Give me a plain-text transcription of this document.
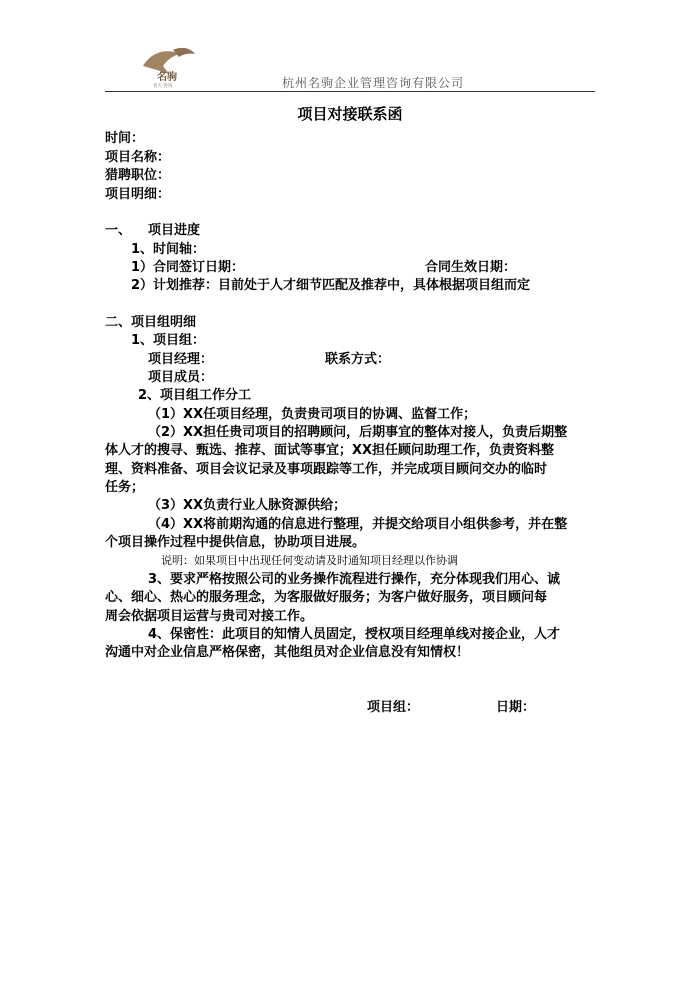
名驹
育人·咨询	杭州名驹企业管理咨询有限公司
项目对接联系函
时间：
项目名称：
猎聘职位：
项目明细：
一、 项目进度
1、时间轴：
1）合同签订日期：	合同生效日期：
2）计划推荐：目前处于人才细节匹配及推荐中，具体根据项目组而定
二、项目组明细
1、项目组：
项目经理：	联系方式：
项目成员：
2、项目组工作分工
（1）XX任项目经理，负责贵司项目的协调、监督工作；
（2）XX担任贵司项目的招聘顾问，后期事宜的整体对接人，负责后期整
体人才的搜寻、甄选、推荐、面试等事宜；XX担任顾问助理工作，负责资料整
理、资料准备、项目会议记录及事项跟踪等工作，并完成项目顾问交办的临时
任务；
（3）XX负责行业人脉资源供给；
（4）XX将前期沟通的信息进行整理，并提交给项目小组供参考，并在整
个项目操作过程中提供信息，协助项目进展。
说明：如果项目中出现任何变动请及时通知项目经理以作协调
3、要求严格按照公司的业务操作流程进行操作，充分体现我们用心、诚
心、细心、热心的服务理念，为客服做好服务；为客户做好服务，项目顾问每
周会依据项目运营与贵司对接工作。
4、保密性：此项目的知情人员固定，授权项目经理单线对接企业，人才
沟通中对企业信息严格保密，其他组员对企业信息没有知情权！
项目组：	日期：
